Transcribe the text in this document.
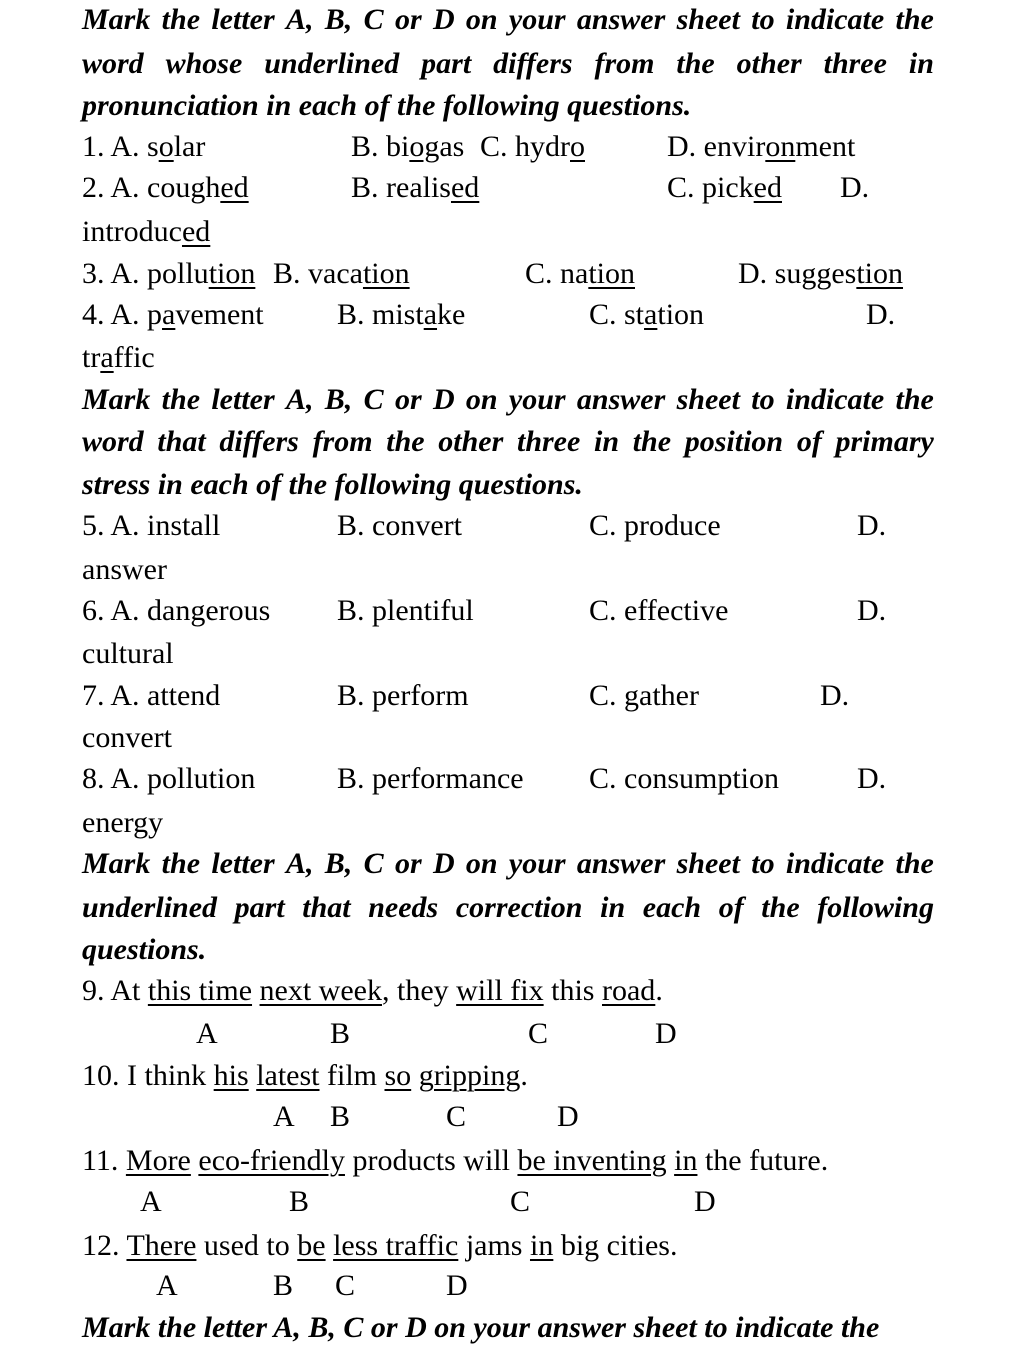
Mark the letter A, B, C or D on your answer sheet to indicate the
word whose underlined part differs from the other three in
pronunciation in each of the following questions.
1. A. solar	B. biogas C. hydro	D. environment
2. A. coughed	B. realised	C. picked D.
introduced
3. A. pollution B. vacation	C. nation	D. suggestion
4. A. pavement B. mistake	C. station	D.
traffic
Mark the letter A, B, C or D on your answer sheet to indicate the
word that differs from the other three in the position of primary
stress in each of the following questions.
5. A. install	B. convert	C. produce	D.
answer
6. A. dangerous B. plentiful	C. effective	D.
cultural
7. A. attend	B. perform	C. gather	D.
convert
8. A. pollution	B. performance C. consumption	D.
energy
Mark the letter A, B, C or D on your answer sheet to indicate the
underlined part that needs correction in each of the following
questions.
9. At this time next week, they will fix this road.
A	B	C	D
10. I think his latest film so gripping.
A B	C	D
11. More eco-friendly products will be inventing in the future.
A	B	C	D
12. There used to be less traffic jams in big cities.
A	B C	D
Mark the letter A, B, C or D on your answer sheet to indicate the
